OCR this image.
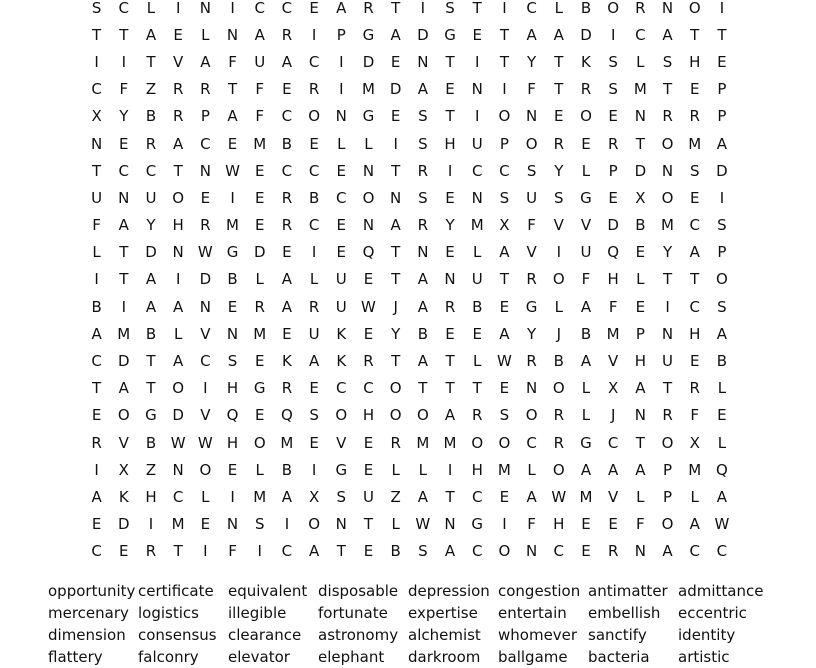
S	C	L	I	N	I	C	C	E	A	R	T	I	S	T	I	C	L	B	O	R	N	O	I
T	T	A	E	L	N	A	R	I	P	G	A	D	G	E	T	A	A	D	I	C	A	T	T
I	I	T	V	A	F	U	A	C	I	D	E	N	T	I	T	Y	T	K	S	L	S	H	E
C	F	Z	R	R	T	F	E	R	I	M D	A	E	N	I	F	T	R	S	M	T	E	P
X	Y	B	R	P	A	F	C	O	N	G	E	S	T	I	O	N	E	O	E	N	R	R	P
N	E	R	A	C	E	M	B	E	L	L	I	S	H	U	P	O	R	E	R	T	O M	A
T	C	C	T	N W	E	C	C	E	N	T	R	I	C	C	S	Y	L	P	D	N	S	D
U	N	U	O	E	I	E	R	B	C	O	N	S	E	N	S	U	S	G	E	X	O	E	I
F	A	Y	H	R	M	E	R	C	E	N	A	R	Y	M	X	F	V	V	D	B	M	C	S
L	T	D	N W G	D	E	I	E	Q	T	N	E	L	A	V	I	U	Q	E	Y	A	P
I	T	A	I	D	B	L	A	L	U	E	T	A	N	U	T	R	O	F	H	L	T	T	O
B	I	A	A	N	E	R	A	R	U W	J	A	R	B	E	G	L	A	F	E	I	C	S
A	M	B	L	V	N	M	E	U	K	E	Y	B	E	E	A	Y	J	B	M	P	N	H	A
C	D	T	A	C	S	E	K	A	K	R	T	A	T	L	W R	B	A	V	H	U	E	B
T	A	T	O	I	H	G	R	E	C	C	O	T	T	T	E	N	O	L	X	A	T	R	L
E	O	G	D	V	Q	E	Q	S	O	H	O	O	A	R	S	O	R	L	J	N	R	F	E
R	V	B W W H	O M	E	V	E	R	M M O	O	C	R	G	C	T	O	X	L
I	X	Z	N	O	E	L	B	I	G	E	L	L	I	H	M	L	O	A	A	A	P	M Q
A	K	H	C	L	I	M	A	X	S	U	Z	A	T	C	E	A W M	V	L	P	L	A
E	D	I	M	E	N	S	I	O	N	T	L	W N	G	I	F	H	E	E	F	O	A W
C	E	R	T	I	F	I	C	A	T	E	B	S	A	C	O	N	C	E	R	N	A	C	C
opportunity certificate equivalent disposable depression congestion antimatter admittance
mercenary logistics	illegible	fortunate	expertise	entertain	embellish	eccentric
dimension consensus clearance	astronomy alchemist	whomever sanctify	identity
flattery	falconry	elevator	elephant	darkroom	ballgame	bacteria	artistic
